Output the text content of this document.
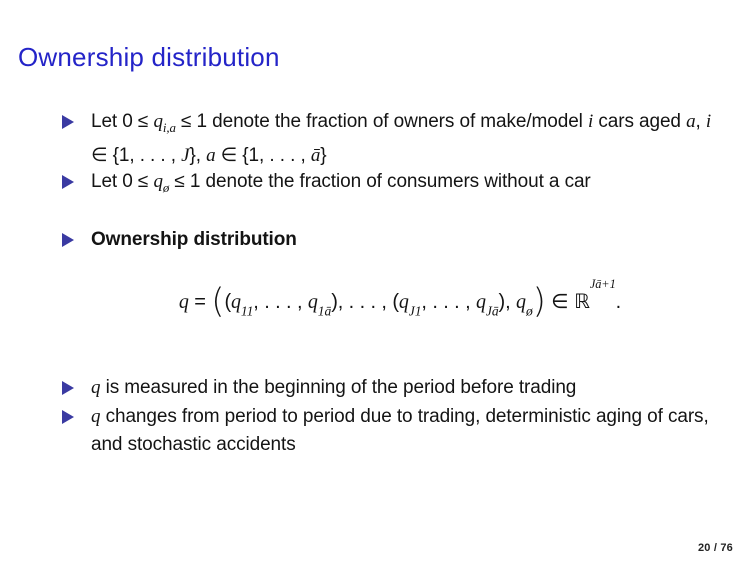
Ownership distribution
Let $0 \le q_{i,a} \le 1$ denote the fraction of owners of make/model i cars aged a, i ∈ {1, . . . , J}, a ∈ {1, . . . , ā}
Let $0 \le q_ø \le 1$ denote the fraction of consumers without a car
Ownership distribution
$q = ((q_{11}$, . . . , $q_{1ā}$), . . . , ($q_{J1}$, . . . , $q_{Jā}$), $q_ø$) ∈ ℝ$^{Jā+1}$.
q is measured in the beginning of the period before trading
q changes from period to period due to trading, deterministic aging of cars, and stochastic accidents
20 / 76
